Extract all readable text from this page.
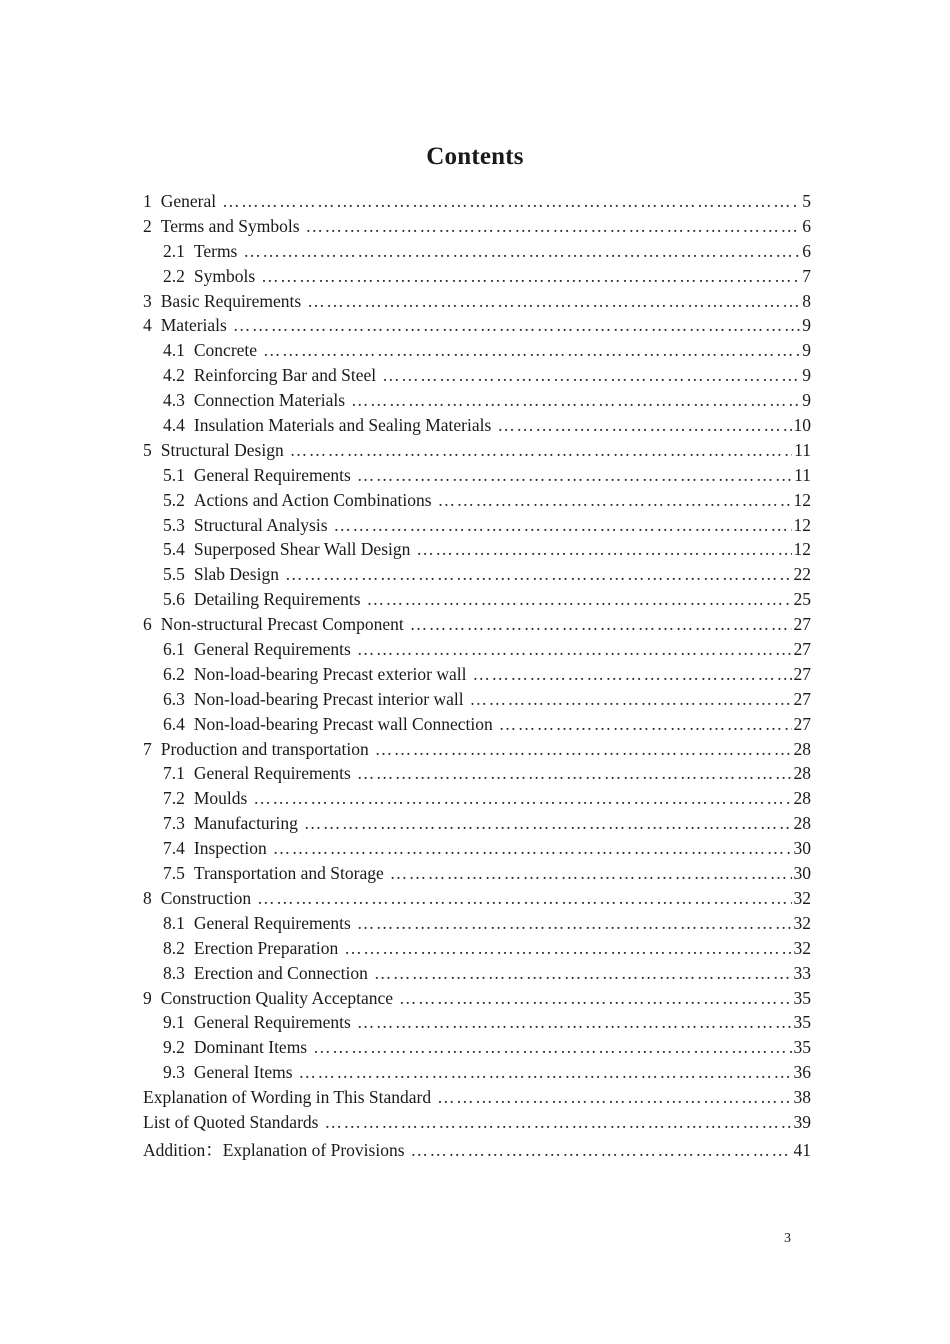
Contents
1 General …………………………………………………………………………………………………………………………………………………………………………	5
2 Terms and Symbols …………………………………………………………………………………………………………………………………………………………………………	6
2.1 Terms …………………………………………………………………………………………………………………………………………………………………………	6
2.2 Symbols …………………………………………………………………………………………………………………………………………………………………………	7
3 Basic Requirements …………………………………………………………………………………………………………………………………………………………………………	8
4 Materials …………………………………………………………………………………………………………………………………………………………………………	9
4.1 Concrete …………………………………………………………………………………………………………………………………………………………………………	9
4.2 Reinforcing Bar and Steel …………………………………………………………………………………………………………………………………………………………………………	9
4.3 Connection Materials …………………………………………………………………………………………………………………………………………………………………………	9
4.4 Insulation Materials and Sealing Materials …………………………………………………………………………………………………………………………………………………………………………	10
5 Structural Design …………………………………………………………………………………………………………………………………………………………………………	11
5.1 General Requirements …………………………………………………………………………………………………………………………………………………………………………	11
5.2 Actions and Action Combinations …………………………………………………………………………………………………………………………………………………………………………	12
5.3 Structural Analysis …………………………………………………………………………………………………………………………………………………………………………	12
5.4 Superposed Shear Wall Design …………………………………………………………………………………………………………………………………………………………………………	12
5.5 Slab Design …………………………………………………………………………………………………………………………………………………………………………	22
5.6 Detailing Requirements …………………………………………………………………………………………………………………………………………………………………………	25
6 Non-structural Precast Component …………………………………………………………………………………………………………………………………………………………………………	27
6.1 General Requirements …………………………………………………………………………………………………………………………………………………………………………	27
6.2 Non-load-bearing Precast exterior wall …………………………………………………………………………………………………………………………………………………………………………	27
6.3 Non-load-bearing Precast interior wall …………………………………………………………………………………………………………………………………………………………………………	27
6.4 Non-load-bearing Precast wall Connection …………………………………………………………………………………………………………………………………………………………………………	27
7 Production and transportation …………………………………………………………………………………………………………………………………………………………………………	28
7.1 General Requirements …………………………………………………………………………………………………………………………………………………………………………	28
7.2 Moulds …………………………………………………………………………………………………………………………………………………………………………	28
7.3 Manufacturing …………………………………………………………………………………………………………………………………………………………………………	28
7.4 Inspection …………………………………………………………………………………………………………………………………………………………………………	30
7.5 Transportation and Storage …………………………………………………………………………………………………………………………………………………………………………	30
8 Construction …………………………………………………………………………………………………………………………………………………………………………	32
8.1 General Requirements …………………………………………………………………………………………………………………………………………………………………………	32
8.2 Erection Preparation …………………………………………………………………………………………………………………………………………………………………………	32
8.3 Erection and Connection …………………………………………………………………………………………………………………………………………………………………………	33
9 Construction Quality Acceptance …………………………………………………………………………………………………………………………………………………………………………	35
9.1 General Requirements …………………………………………………………………………………………………………………………………………………………………………	35
9.2 Dominant Items …………………………………………………………………………………………………………………………………………………………………………	35
9.3 General Items …………………………………………………………………………………………………………………………………………………………………………	36
Explanation of Wording in This Standard …………………………………………………………………………………………………………………………………………………………………………	38
List of Quoted Standards …………………………………………………………………………………………………………………………………………………………………………	39
Addition：Explanation of Provisions …………………………………………………………………………………………………………………………………………………………………………	41
3
